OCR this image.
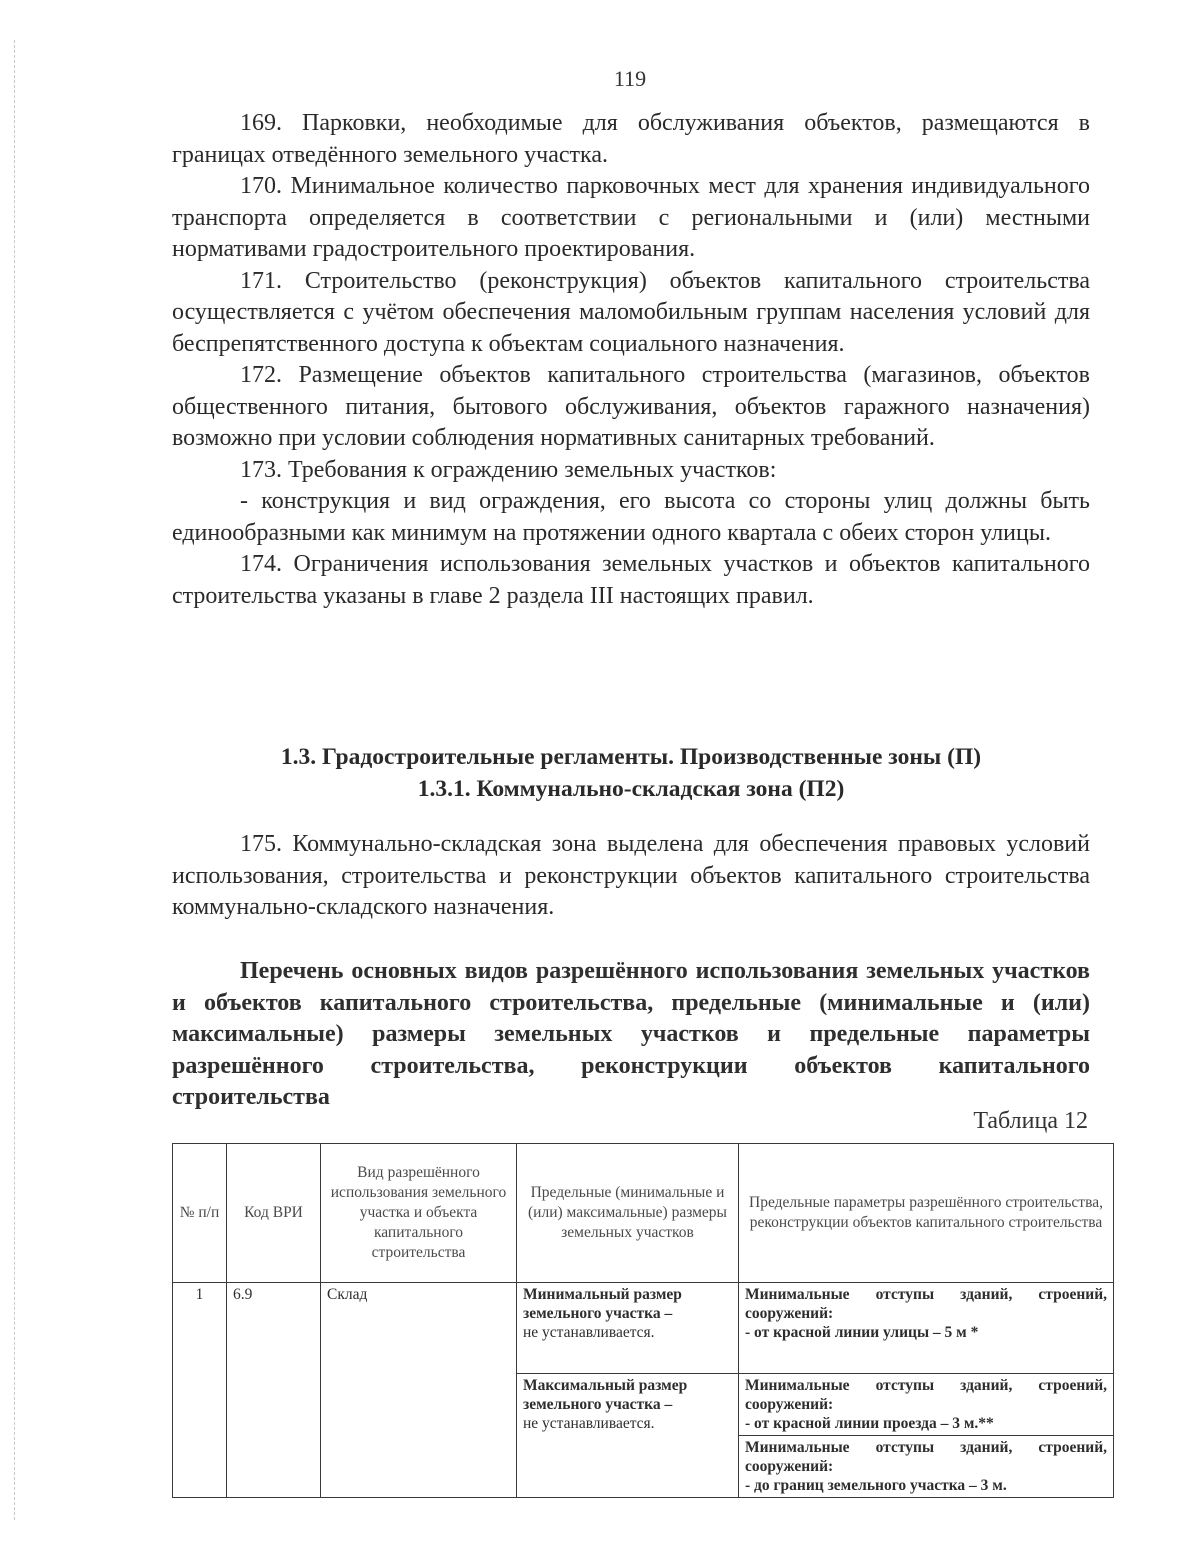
119

169. Парковки, необходимые для обслуживания объектов, размещаются в границах отведённого земельного участка.

170. Минимальное количество парковочных мест для хранения индивидуального транспорта определяется в соответствии с региональными и (или) местными нормативами градостроительного проектирования.

171. Строительство (реконструкция) объектов капитального строительства осуществляется с учётом обеспечения маломобильным группам населения условий для беспрепятственного доступа к объектам социального назначения.

172. Размещение объектов капитального строительства (магазинов, объектов общественного питания, бытового обслуживания, объектов гаражного назначения) возможно при условии соблюдения нормативных санитарных требований.

173. Требования к ограждению земельных участков:

- конструкция и вид ограждения, его высота со стороны улиц должны быть единообразными как минимум на протяжении одного квартала с обеих сторон улицы.

174. Ограничения использования земельных участков и объектов капитального строительства указаны в главе 2 раздела III настоящих правил.

1.3. Градостроительные регламенты. Производственные зоны (П)
1.3.1. Коммунально-складская зона (П2)

175. Коммунально-складская зона выделена для обеспечения правовых условий использования, строительства и реконструкции объектов капитального строительства коммунально-складского назначения.

Перечень основных видов разрешённого использования земельных участков и объектов капитального строительства, предельные (минимальные и (или) максимальные) размеры земельных участков и предельные параметры разрешённого строительства, реконструкции объектов капитального строительства
Таблица 12
№ п/п	Код ВРИ	Вид разрешённого использования земельного участка и объекта капитального строительства	Предельные (минимальные и (или) максимальные) размеры земельных участков	Предельные параметры разрешённого строительства, реконструкции объектов капитального строительства
1	6.9	Склад	Минимальный размер земельного участка –
не устанавливается.	Минимальные отступы зданий, строений, сооружений:
- от красной линии улицы – 5 м *

			Максимальный размер земельного участка –
не устанавливается.	Минимальные отступы зданий, строений, сооружений:
- от красной линии проезда – 3 м.**

				Минимальные отступы зданий, строений, сооружений:
- до границ земельного участка – 3 м.
